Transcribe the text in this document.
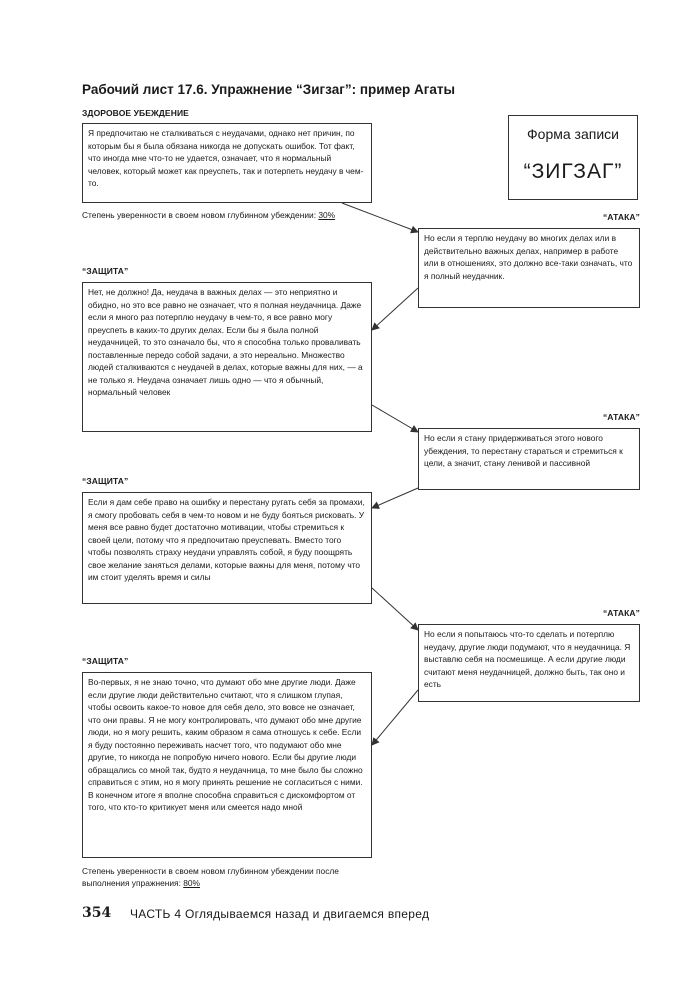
Рабочий лист 17.6. Упражнение “Зигзаг”: пример Агаты
ЗДОРОВОЕ УБЕЖДЕНИЕ
Я предпочитаю не сталкиваться с неудачами, однако нет причин, по которым бы я была обязана никогда не допускать ошибок. Тот факт, что иногда мне что-то не удается, означает, что я нормальный человек, который может как преуспеть, так и потерпеть неудачу в чем-то.
Форма записи
“ЗИГЗАГ”
Степень уверенности в своем новом глубинном убеждении: 30%	“АТАКА”
Но если я терплю неудачу во многих делах или в действительно важных делах, например в работе или в отношениях, это должно все-таки означать, что я полный неудачник.
“ЗАЩИТА”
Нет, не должно! Да, неудача в важных делах — это неприятно и обидно, но это все равно не означает, что я полная неудачница. Даже если я много раз потерплю неудачу в чем-то, я все равно могу преуспеть в каких-то других делах. Если бы я была полной неудачницей, то это означало бы, что я способна только проваливать поставленные передо собой задачи, а это нереально. Множество людей сталкиваются с неудачей в делах, которые важны для них, — а не только я. Неудача означает лишь одно — что я обычный, нормальный человек
“АТАКА”
Но если я стану придерживаться этого нового убеждения, то перестану стараться и стремиться к цели, а значит, стану ленивой и пассивной
“ЗАЩИТА”
Если я дам себе право на ошибку и перестану ругать себя за промахи, я смогу пробовать себя в чем-то новом и не буду бояться рисковать. У меня все равно будет достаточно мотивации, чтобы стремиться к своей цели, потому что я предпочитаю преуспевать. Вместо того чтобы позволять страху неудачи управлять собой, я буду поощрять свое желание заняться делами, которые важны для меня, потому что им стоит уделять время и силы
“АТАКА”
Но если я попытаюсь что-то сделать и потерплю неудачу, другие люди подумают, что я неудачница. Я выставлю себя на посмешище. А если другие люди считают меня неудачницей, должно быть, так оно и есть
“ЗАЩИТА”
Во-первых, я не знаю точно, что думают обо мне другие люди. Даже если другие люди действительно считают, что я слишком глупая, чтобы освоить какое-то новое для себя дело, это вовсе не означает, что они правы. Я не могу контролировать, что думают обо мне другие люди, но я могу решить, каким образом я сама отношусь к себе. Если я буду постоянно переживать насчет того, что подумают обо мне другие, то никогда не попробую ничего нового. Если бы другие люди обращались со мной так, будто я неудачница, то мне было бы сложно справиться с этим, но я могу принять решение не согласиться с ними. В конечном итоге я вполне способна справиться с дискомфортом от того, что кто-то критикует меня или смеется надо мной
Степень уверенности в своем новом глубинном убеждении после выполнения упражнения: 80%
354 ЧАСТЬ 4 Оглядываемся назад и двигаемся вперед
